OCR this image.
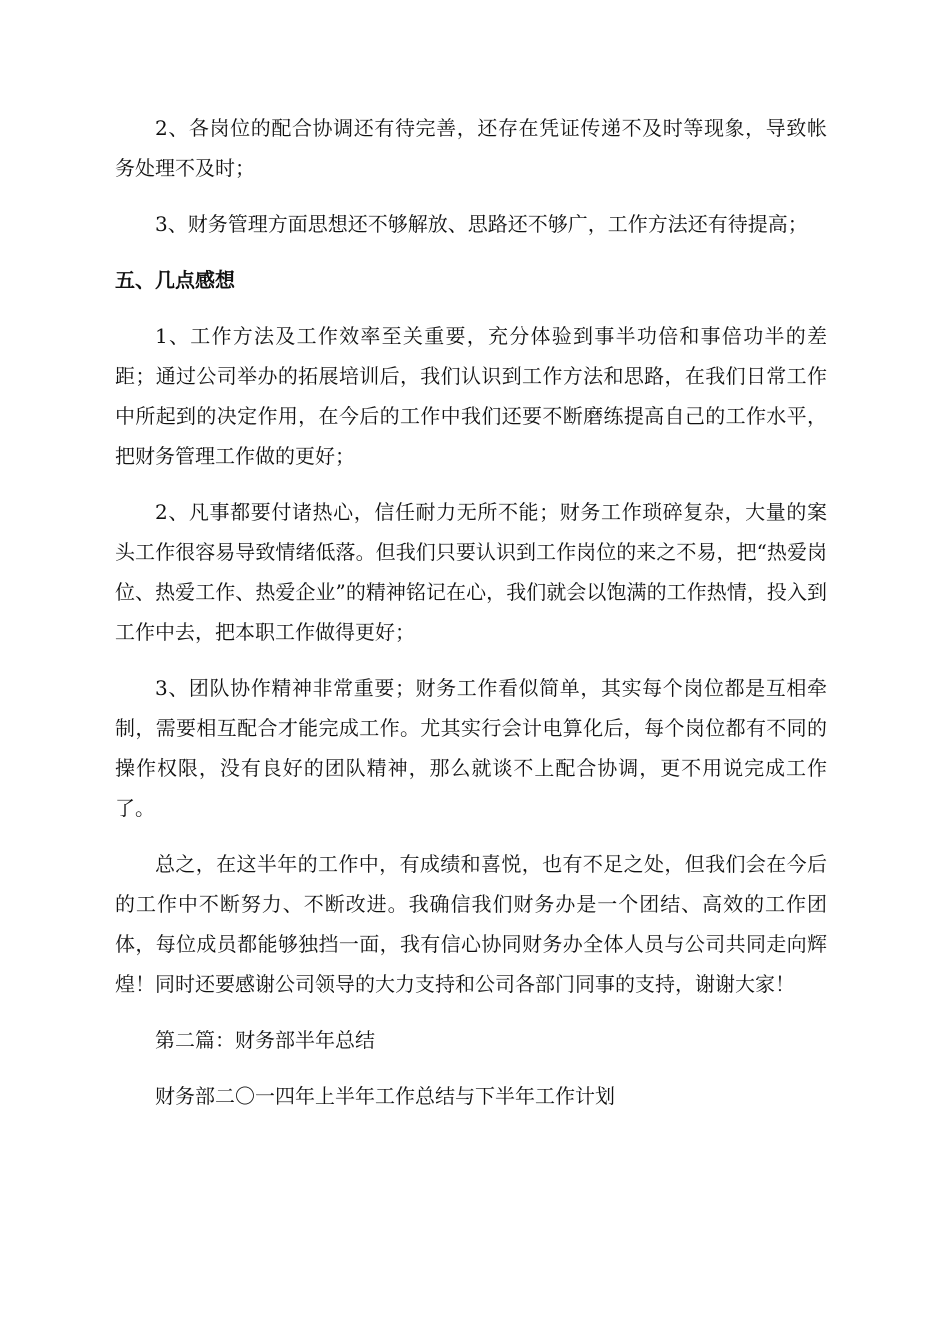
2、各岗位的配合协调还有待完善，还存在凭证传递不及时等现象，导致帐务处理不及时；

3、财务管理方面思想还不够解放、思路还不够广，工作方法还有待提高；

五、几点感想

1、工作方法及工作效率至关重要，充分体验到事半功倍和事倍功半的差距；通过公司举办的拓展培训后，我们认识到工作方法和思路，在我们日常工作中所起到的决定作用，在今后的工作中我们还要不断磨练提高自己的工作水平，把财务管理工作做的更好；

2、凡事都要付诸热心，信任耐力无所不能；财务工作琐碎复杂，大量的案头工作很容易导致情绪低落。但我们只要认识到工作岗位的来之不易，把“热爱岗位、热爱工作、热爱企业”的精神铭记在心，我们就会以饱满的工作热情，投入到工作中去，把本职工作做得更好；

3、团队协作精神非常重要；财务工作看似简单，其实每个岗位都是互相牵制，需要相互配合才能完成工作。尤其实行会计电算化后，每个岗位都有不同的操作权限，没有良好的团队精神，那么就谈不上配合协调，更不用说完成工作了。

总之，在这半年的工作中，有成绩和喜悦，也有不足之处，但我们会在今后的工作中不断努力、不断改进。我确信我们财务办是一个团结、高效的工作团体，每位成员都能够独挡一面，我有信心协同财务办全体人员与公司共同走向辉煌！同时还要感谢公司领导的大力支持和公司各部门同事的支持，谢谢大家！

第二篇：财务部半年总结

财务部二〇一四年上半年工作总结与下半年工作计划
